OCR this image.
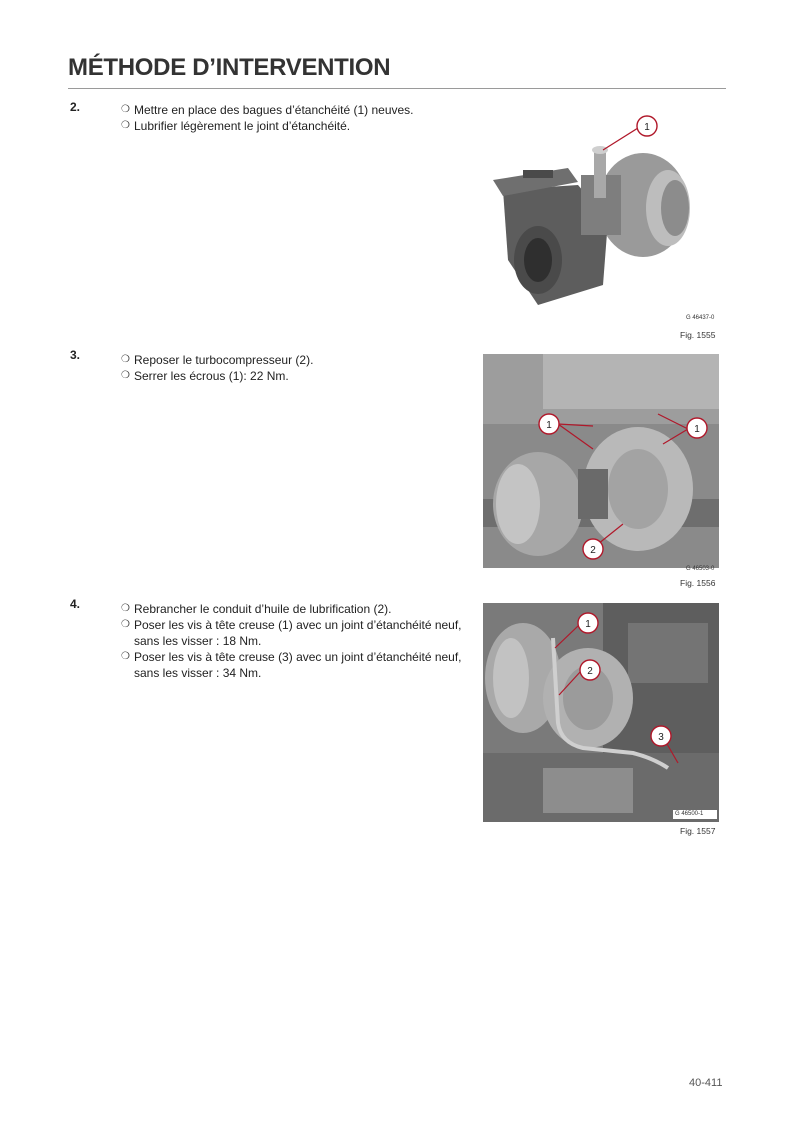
MÉTHODE D’INTERVENTION
2.	❍ Mettre en place des bagues d’étanchéité (1) neuves.
❍ Lubrifier légèrement le joint d’étanchéité.	1
G 46437-0
Fig. 1555
3.	❍ Reposer le turbocompresseur (2).
❍ Serrer les écrous (1): 22 Nm.
1	1
2
G 46503-0
Fig. 1556
4.	❍ Rebrancher le conduit d’huile de lubrification (2).
❍ Poser les vis à tête creuse (1) avec un joint d’étanchéité neuf, sans les visser : 18 Nm.
❍ Poser les vis à tête creuse (3) avec un joint d’étanchéité neuf, sans les visser : 34 Nm.
1
2
3
G 46500-1
Fig. 1557
40-411
